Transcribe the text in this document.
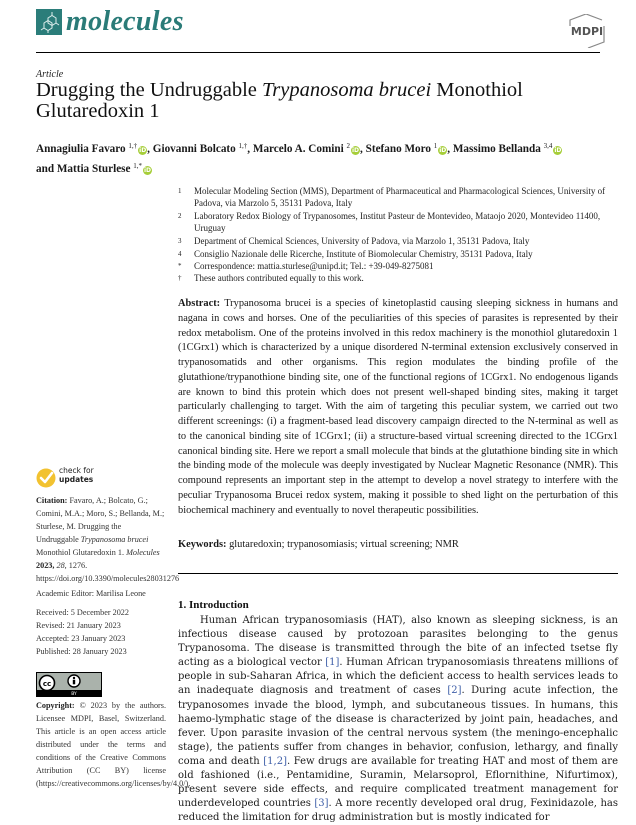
molecules	MDPI
Article
Drugging the Undruggable Trypanosoma brucei Monothiol Glutaredoxin 1
Annagiulia Favaro $^{1,\dagger}$iD, Giovanni Bolcato $^{1,\dagger}$, Marcelo A. Comini $^2$iD, Stefano Moro $^1$iD, Massimo Bellanda $^{3,4}$iD
and Mattia Sturlese $^{1,*}$iD
1 Molecular Modeling Section (MMS), Department of Pharmaceutical and Pharmacological Sciences, University of Padova, via Marzolo 5, 35131 Padova, Italy
2 Laboratory Redox Biology of Trypanosomes, Institut Pasteur de Montevideo, Mataojo 2020, Montevideo 11400, Uruguay
3 Department of Chemical Sciences, University of Padova, via Marzolo 1, 35131 Padova, Italy
4 Consiglio Nazionale delle Ricerche, Institute of Biomolecular Chemistry, 35131 Padova, Italy
* Correspondence: mattia.sturlese@unipd.it; Tel.: +39-049-8275081
† These authors contributed equally to this work.
Abstract: Trypanosoma brucei is a species of kinetoplastid causing sleeping sickness in humans and nagana in cows and horses. One of the peculiarities of this species of parasites is represented by their redox metabolism. One of the proteins involved in this redox machinery is the monothiol glutaredoxin 1 (1CGrx1) which is characterized by a unique disordered N-terminal extension exclusively conserved in trypanosomatids and other organisms. This region modulates the binding profile of the glutathione/trypanothione binding site, one of the functional regions of 1CGrx1. No endogenous ligands are known to bind this protein which does not present well-shaped binding sites, making it target particularly challenging to target. With the aim of targeting this peculiar system, we carried out two different screenings: (i) a fragment-based lead discovery campaign directed to the N-terminal as well as to the canonical binding site of 1CGrx1; (ii) a structure-based virtual screening directed to the 1CGrx1 canonical binding site. Here we report a small molecule that binds at the glutathione binding site in which the binding mode of the molecule was deeply investigated by Nuclear Magnetic Resonance (NMR). This compound represents an important step in the attempt to develop a novel strategy to interfere with the peculiar Trypanosoma Brucei redox system, making it possible to shed light on the perturbation of this biochemical machinery and eventually to novel therapeutic possibilities.
Keywords: glutaredoxin; trypanosomiasis; virtual screening; NMR
1. Introduction
Human African trypanosomiasis (HAT), also known as sleeping sickness, is an infectious disease caused by protozoan parasites belonging to the genus Trypanosoma. The disease is transmitted through the bite of an infected tsetse fly acting as a biological vector [1]. Human African trypanosomiasis threatens millions of people in sub-Saharan Africa, in which the deficient access to health services leads to an inadequate diagnosis and treatment of cases [2]. During acute infection, the trypanosomes invade the blood, lymph, and subcutaneous tissues. In humans, this haemo-lymphatic stage of the disease is characterized by joint pain, headaches, and fever. Upon parasite invasion of the central nervous system (the meningo-encephalic stage), the patients suffer from changes in behavior, confusion, lethargy, and finally coma and death [1,2]. Few drugs are available for treating HAT and most of them are old fashioned (i.e., Pentamidine, Suramin, Melarsoprol, Eflornithine, Nifurtimox), present severe side effects, and require complicated treatment management for underdeveloped countries [3]. A more recently developed oral drug, Fexinidazole, has reduced the limitation for drug administration but is mostly indicated for
check for
updates
Citation: Favaro, A.; Bolcato, G.; Comini, M.A.; Moro, S.; Bellanda, M.; Sturlese, M. Drugging the Undruggable Trypanosoma brucei Monothiol Glutaredoxin 1. Molecules 2023, 28, 1276. https://doi.org/10.3390/molecules28031276
Academic Editor: Marilisa Leone
Received: 5 December 2022
Revised: 21 January 2023
Accepted: 23 January 2023
Published: 28 January 2023
cc
BY
Copyright: © 2023 by the authors. Licensee MDPI, Basel, Switzerland. This article is an open access article distributed under the terms and conditions of the Creative Commons Attribution (CC BY) license (https://creativecommons.org/licenses/by/4.0/).
